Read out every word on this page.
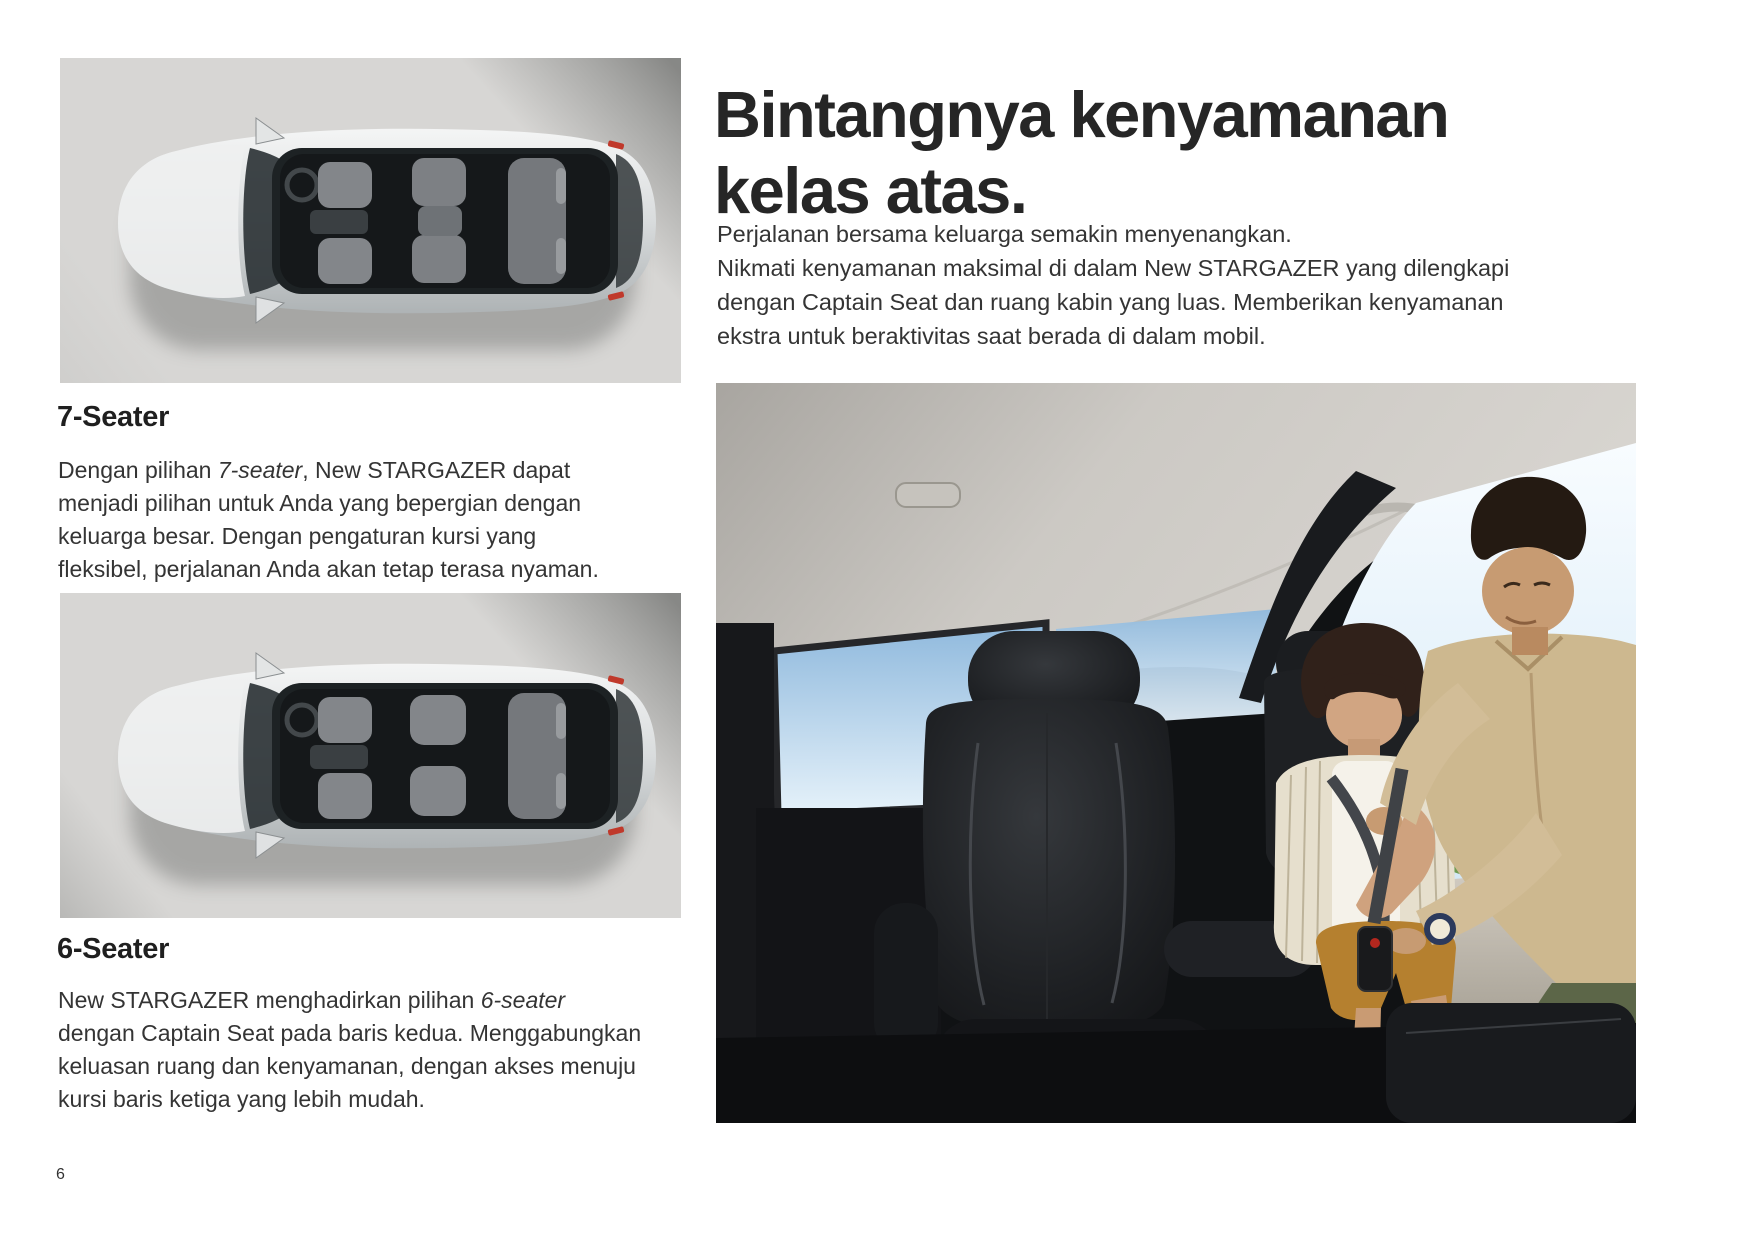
7-Seater

Dengan pilihan 7-seater, New STARGAZER dapat
menjadi pilihan untuk Anda yang bepergian dengan
keluarga besar. Dengan pengaturan kursi yang
fleksibel, perjalanan Anda akan tetap terasa nyaman.

6-Seater

New STARGAZER menghadirkan pilihan 6-seater
dengan Captain Seat pada baris kedua. Menggabungkan
keluasan ruang dan kenyamanan, dengan akses menuju
kursi baris ketiga yang lebih mudah.

6
Bintangnya kenyamanan
kelas atas.

Perjalanan bersama keluarga semakin menyenangkan.
Nikmati kenyamanan maksimal di dalam New STARGAZER yang dilengkapi
dengan Captain Seat dan ruang kabin yang luas. Memberikan kenyamanan
ekstra untuk beraktivitas saat berada di dalam mobil.
